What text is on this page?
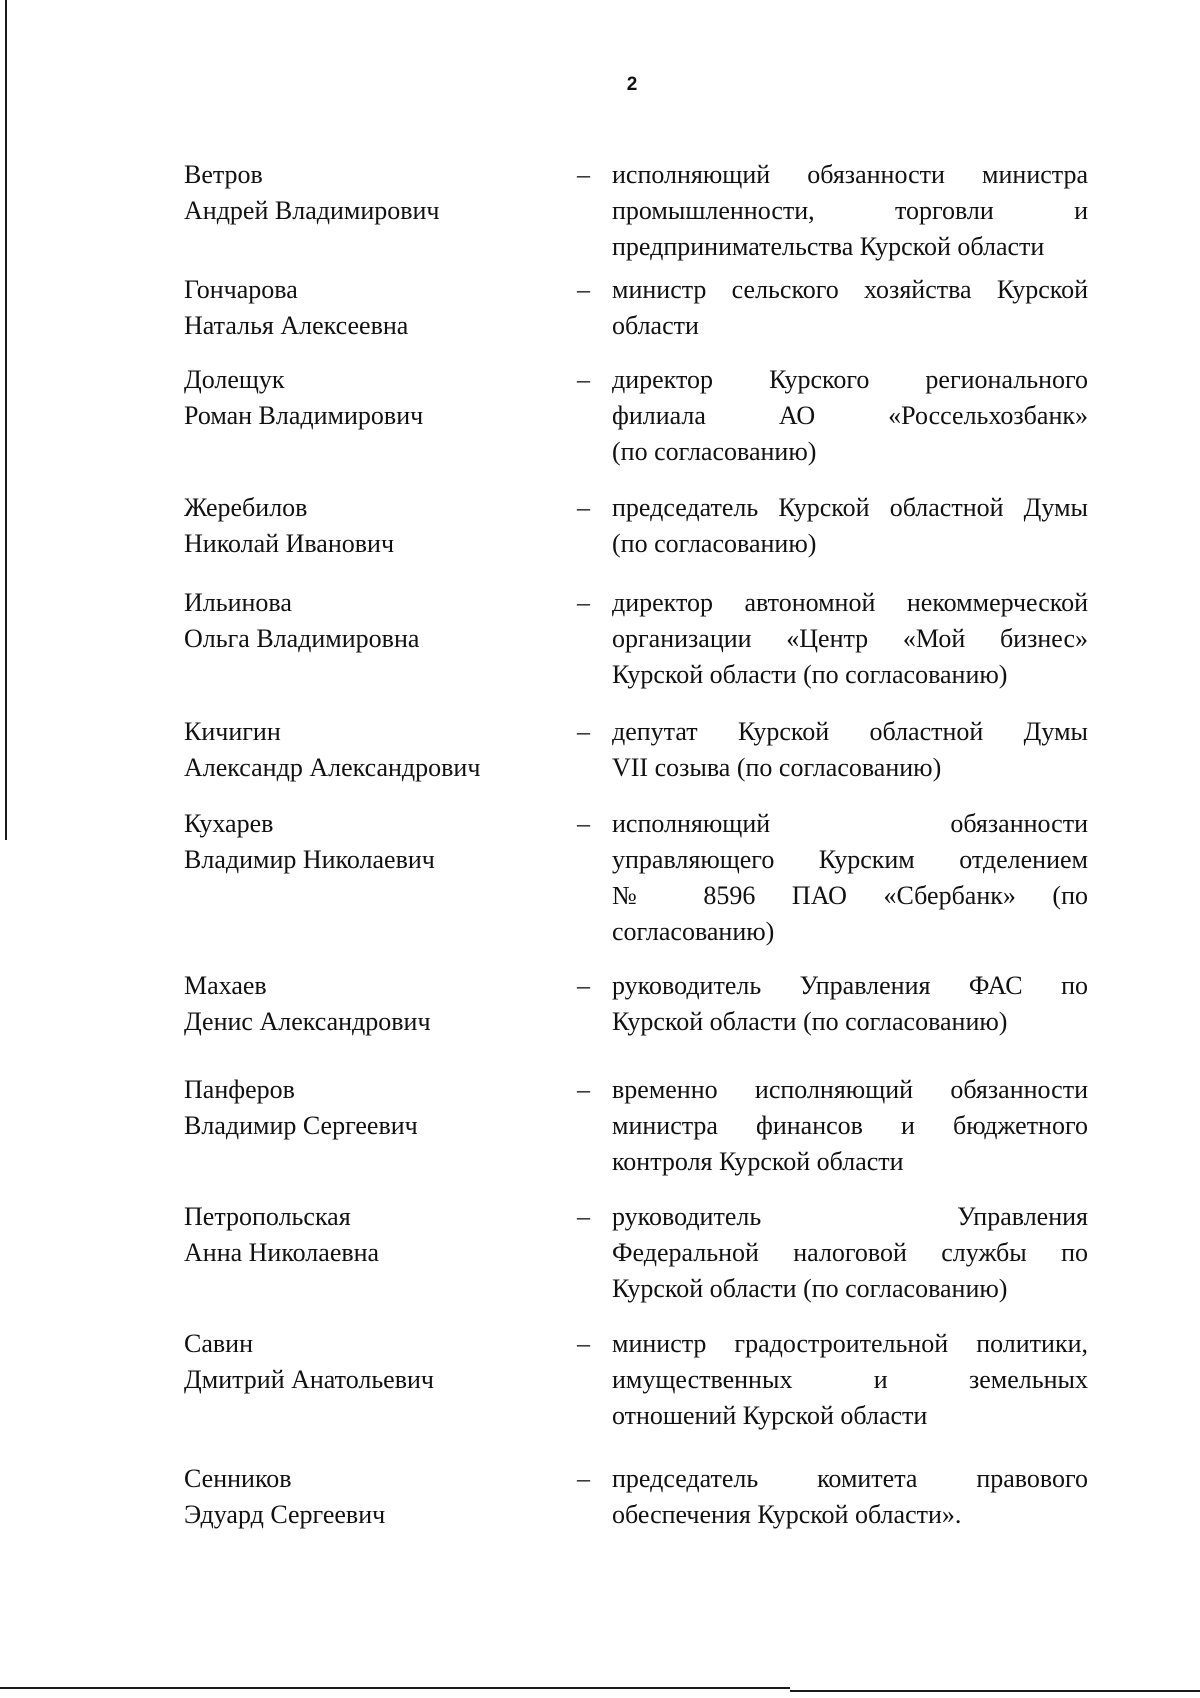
2
Ветров
Андрей Владимирович
– исполняющий обязанности министра
промышленности, торговли и
предпринимательства Курской области
Гончарова
Наталья Алексеевна
– министр сельского хозяйства Курской
области
Долещук
Роман Владимирович
– директор Курского регионального
филиала АО «Россельхозбанк»
(по согласованию)
Жеребилов
Николай Иванович
– председатель Курской областной Думы
(по согласованию)
Ильинова
Ольга Владимировна
– директор автономной некоммерческой
организации «Центр «Мой бизнес»
Курской области (по согласованию)
Кичигин
Александр Александрович
– депутат Курской областной Думы
VII созыва (по согласованию)
Кухарев
Владимир Николаевич
– исполняющий обязанности
управляющего Курским отделением
№ 8596 ПАО «Сбербанк» (по
согласованию)
Махаев
Денис Александрович
– руководитель Управления ФАС по
Курской области (по согласованию)
Панферов
Владимир Сергеевич
– временно исполняющий обязанности
министра финансов и бюджетного
контроля Курской области
Петропольская
Анна Николаевна
– руководитель Управления
Федеральной налоговой службы по
Курской области (по согласованию)
Савин
Дмитрий Анатольевич
– министр градостроительной политики,
имущественных и земельных
отношений Курской области
Сенников
Эдуард Сергеевич
– председатель комитета правового
обеспечения Курской области».
